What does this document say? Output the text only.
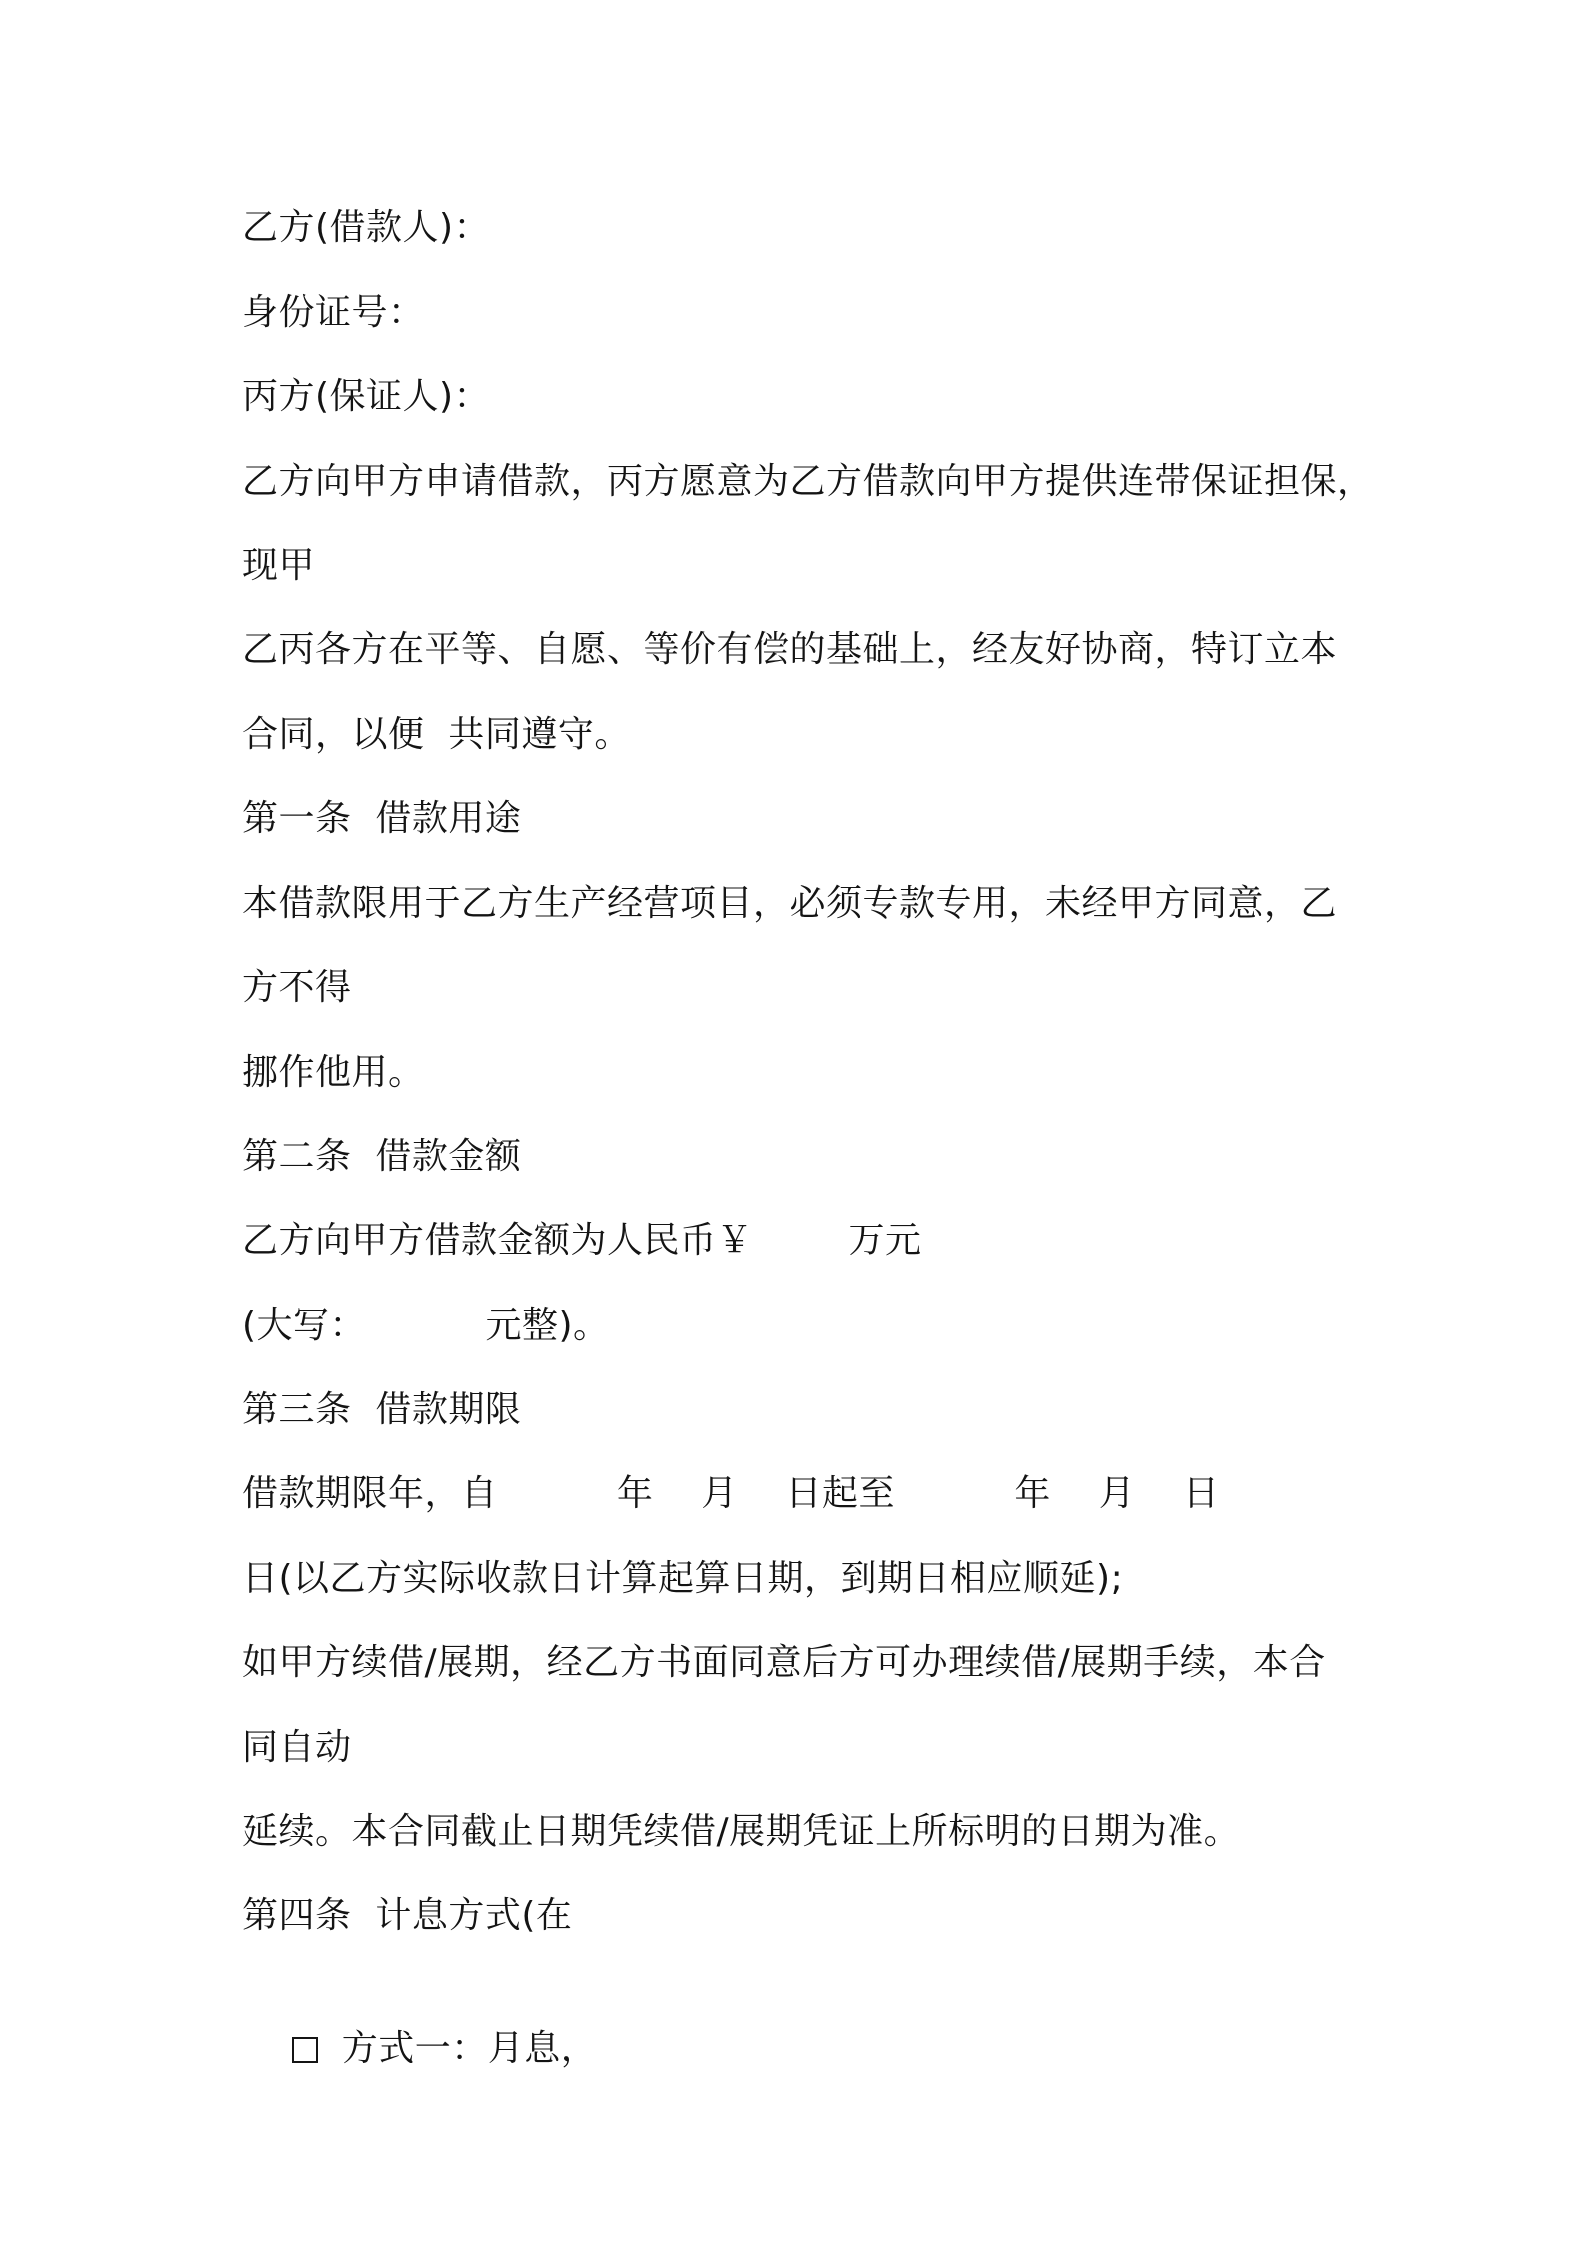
乙方(借款人)：
身份证号：
丙方(保证人)：
乙方向甲方申请借款，丙方愿意为乙方借款向甲方提供连带保证担保，
现甲
乙丙各方在平等、自愿、等价有偿的基础上，经友好协商，特订立本
合同，以便  共同遵守。
第一条  借款用途
本借款限用于乙方生产经营项目，必须专款专用，未经甲方同意，乙
方不得
挪作他用。
第二条  借款金额
乙方向甲方借款金额为人民币￥        万元
(大写：          元整)。
第三条  借款期限
借款期限年，自          年    月    日起至          年    月    日
日(以乙方实际收款日计算起算日期，到期日相应顺延);
如甲方续借/展期，经乙方书面同意后方可办理续借/展期手续，本合
同自动
延续。本合同截止日期凭续借/展期凭证上所标明的日期为准。
第四条  计息方式(在

方式一：月息，
